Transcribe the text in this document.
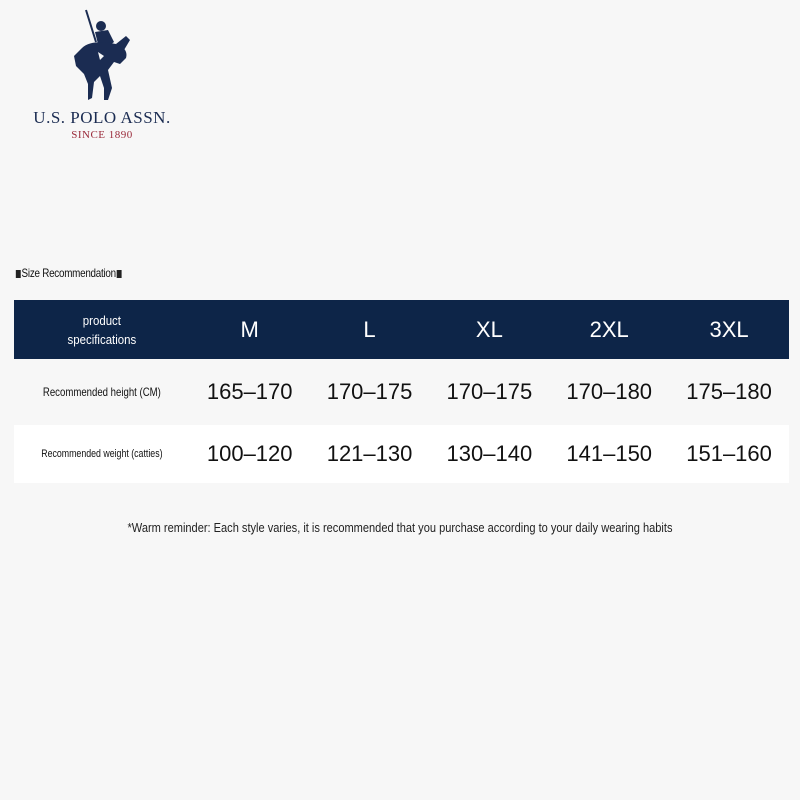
U.S. POLO ASSN.
SINCE 1890
Size Recommendation
product
specifications	M	L	XL	2XL	3XL
Recommended height (CM)	165–170	170–175	170–175	170–180	175–180
Recommended weight (catties)	100–120	121–130	130–140	141–150	151–160
*Warm reminder: Each style varies, it is recommended that you purchase according to your daily wearing habits
